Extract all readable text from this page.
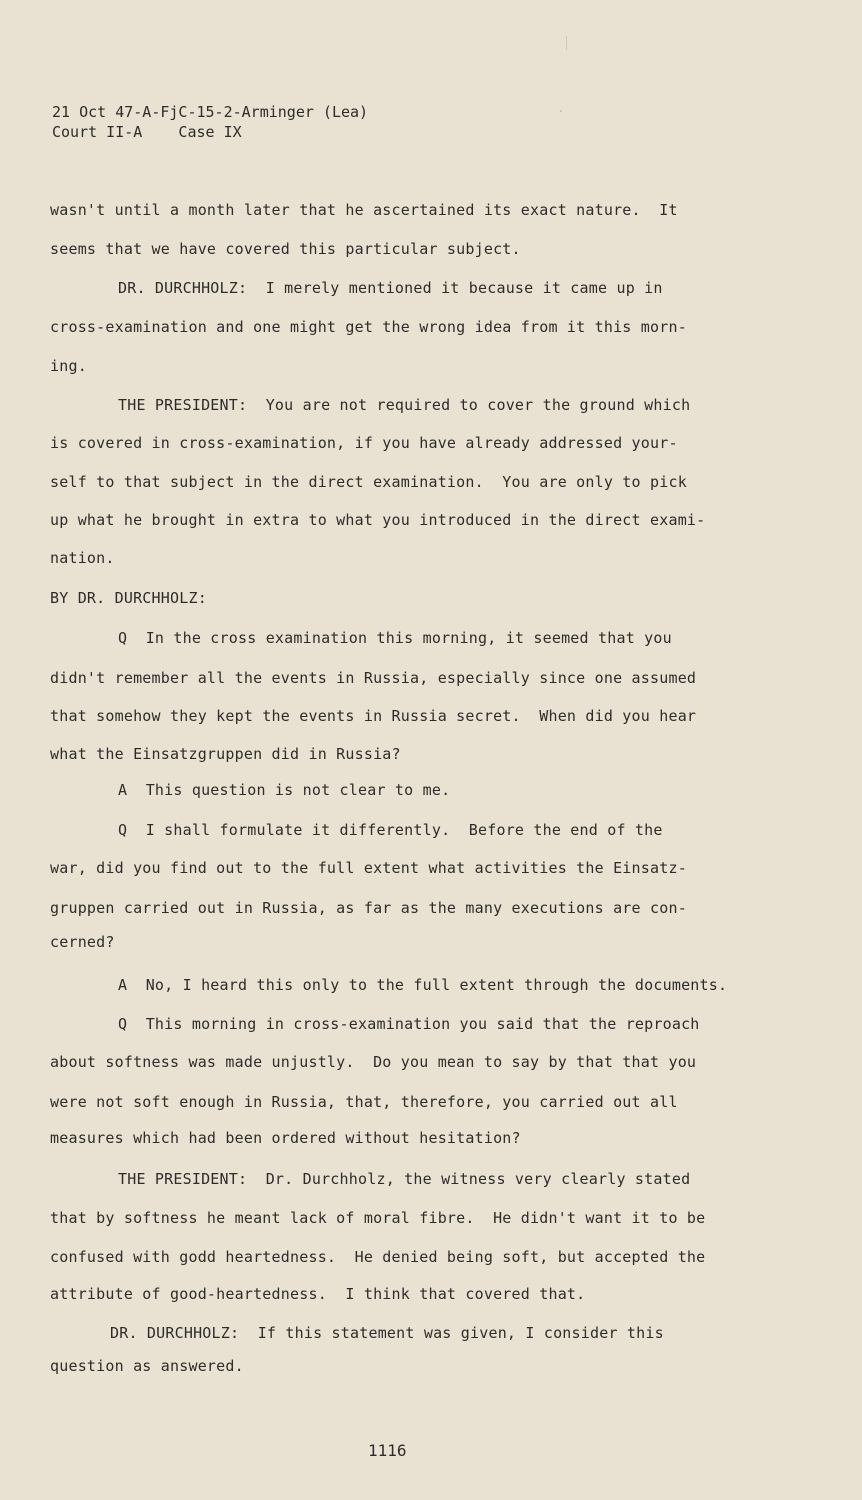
21 Oct 47-A-FjC-15-2-Arminger (Lea)
Court II-A    Case IX
wasn't until a month later that he ascertained its exact nature.  It
seems that we have covered this particular subject.
DR. DURCHHOLZ:  I merely mentioned it because it came up in
cross-examination and one might get the wrong idea from it this morn-
ing.
THE PRESIDENT:  You are not required to cover the ground which
is covered in cross-examination, if you have already addressed your-
self to that subject in the direct examination.  You are only to pick
up what he brought in extra to what you introduced in the direct exami-
nation.
BY DR. DURCHHOLZ:
Q  In the cross examination this morning, it seemed that you
didn't remember all the events in Russia, especially since one assumed
that somehow they kept the events in Russia secret.  When did you hear
what the Einsatzgruppen did in Russia?
A  This question is not clear to me.
Q  I shall formulate it differently.  Before the end of the
war, did you find out to the full extent what activities the Einsatz-
gruppen carried out in Russia, as far as the many executions are con-
cerned?
A  No, I heard this only to the full extent through the documents.
Q  This morning in cross-examination you said that the reproach
about softness was made unjustly.  Do you mean to say by that that you
were not soft enough in Russia, that, therefore, you carried out all
measures which had been ordered without hesitation?
THE PRESIDENT:  Dr. Durchholz, the witness very clearly stated
that by softness he meant lack of moral fibre.  He didn't want it to be
confused with godd heartedness.  He denied being soft, but accepted the
attribute of good-heartedness.  I think that covered that.
DR. DURCHHOLZ:  If this statement was given, I consider this
question as answered.
1116
